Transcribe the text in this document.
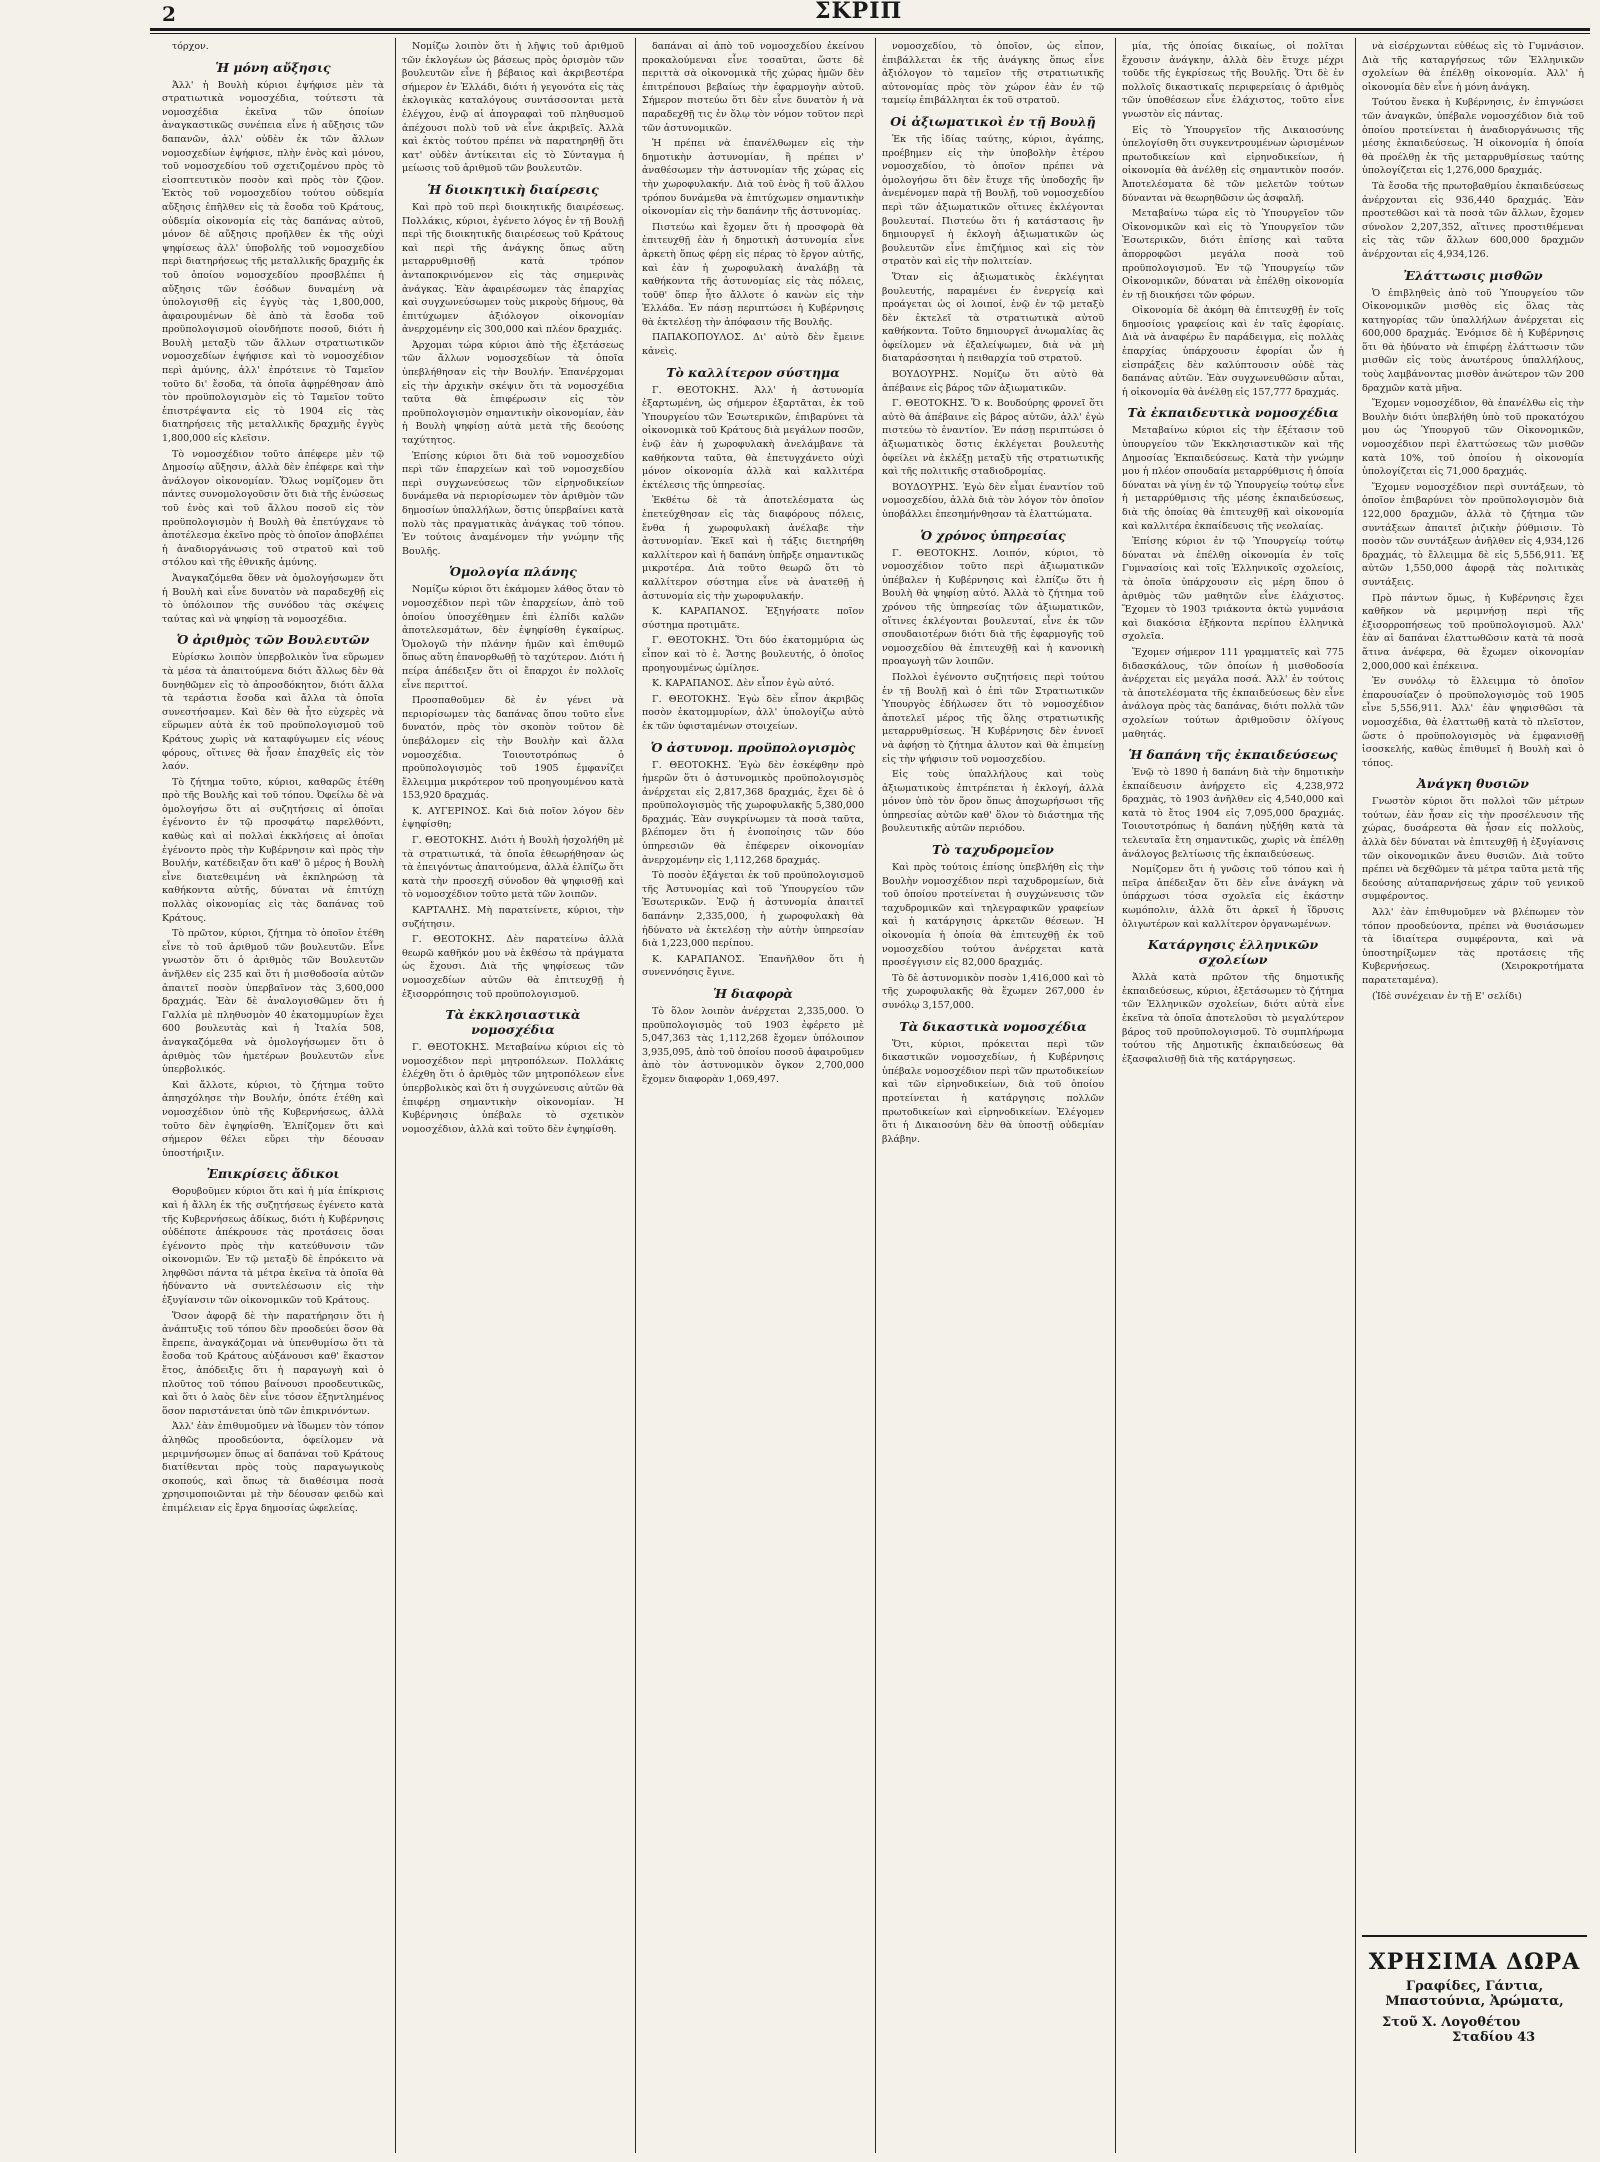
2	ΣΚΡΙΠ

τόρχον.

Ἡ μόνη αὔξησις

Ἀλλ' ἡ Βουλὴ κύριοι ἐψήφισε μὲν τὰ στρατιωτικὰ νομοσχέδια, τούτεστι τὰ νομοσχέδια ἐκεῖνα τῶν ὁποίων ἀναγκαστικῶς συνέπεια εἶνε ἡ αὔξησις τῶν δαπανῶν, ἀλλ' οὐδὲν ἐκ τῶν ἄλλων νομοσχεδίων ἐψήφισε, πλὴν ἑνὸς καὶ μόνου, τοῦ νομοσχεδίου τοῦ σχετιζομένου πρὸς τὸ εἰσοπτευτικὸν ποσὸν καὶ πρὸς τὸν ζῷον. Ἐκτὸς τοῦ νομοσχεδίου τούτου οὐδεμία αὔξησις ἐπῆλθεν εἰς τὰ ἔσοδα τοῦ Κράτους, οὐδεμία οἰκονομία εἰς τὰς δαπάνας αὐτοῦ, μόνον δὲ αὔξησις προῆλθεν ἐκ τῆς οὐχὶ ψηφίσεως ἀλλ' ὑποβολῆς τοῦ νομοσχεδίου περὶ διατηρήσεως τῆς μεταλλικῆς δραχμῆς ἐκ τοῦ ὁποίου νομοσχεδίου προσβλέπει ἡ αὔξησις τῶν ἐσόδων δυναμένη νὰ ὑπολογισθῇ εἰς ἐγγὺς τὰς 1,800,000, ἀφαιρουμένων δὲ ἀπὸ τὰ ἔσοδα τοῦ προϋπολογισμοῦ οἱονδήποτε ποσοῦ, διότι ἡ Βουλὴ μεταξὺ τῶν ἄλλων στρατιωτικῶν νομοσχεδίων ἐψήφισε καὶ τὸ νομοσχέδιον περὶ ἀμύνης, ἀλλ' ἐπρότεινε τὸ Ταμεῖον τοῦτο δι' ἔσοδα, τὰ ὁποῖα ἀφῃρέθησαν ἀπὸ τὸν προϋπολογισμὸν εἰς τὸ Ταμεῖον τοῦτο ἐπιστρέψαντα εἰς τὸ 1904 εἰς τὰς διατηρήσεις τῆς μεταλλικῆς δραχμῆς ἐγγὺς 1,800,000 εἰς κλεῖσιν.

Τὸ νομοσχέδιον τοῦτο ἀπέφερε μὲν τῷ Δημοσίῳ αὔξησιν, ἀλλὰ δὲν ἐπέφερε καὶ τὴν ἀνάλογον οἰκονομίαν. Ὅλως νομίζομεν ὅτι πάντες συνομολογοῦσιν ὅτι διὰ τῆς ἑνώσεως τοῦ ἑνὸς καὶ τοῦ ἄλλου ποσοῦ εἰς τὸν προϋπολογισμὸν ἡ Βουλὴ θὰ ἐπετύγχανε τὸ ἀποτέλεσμα ἐκεῖνο πρὸς τὸ ὁποῖον ἀποβλέπει ἡ ἀναδιοργάνωσις τοῦ στρατοῦ καὶ τοῦ στόλου καὶ τῆς ἐθνικῆς ἀμύνης.

Ἀναγκαζόμεθα ὅθεν νὰ ὁμολογήσωμεν ὅτι ἡ Βουλὴ καὶ εἶνε δυνατὸν νὰ παραδεχθῇ εἰς τὸ ὑπόλοιπον τῆς συνόδου τὰς σκέψεις ταύτας καὶ νὰ ψηφίσῃ τὰ νομοσχέδια.

Ὁ ἀριθμὸς τῶν Βουλευτῶν

Εὑρίσκω λοιπὸν ὑπερβολικὸν ἵνα εὕρωμεν τὰ μέσα τὰ ἀπαιτούμενα διότι ἄλλως δὲν θὰ δυνηθῶμεν εἰς τὸ ἀπροσδόκητον, διότι ἄλλα τὰ τεράστια ἔσοδα καὶ ἄλλα τὰ ὁποῖα συνεστήσαμεν. Καὶ δὲν θὰ ἦτο εὐχερὲς νὰ εὕρωμεν αὐτὰ ἐκ τοῦ προϋπολογισμοῦ τοῦ Κράτους χωρὶς νὰ καταφύγωμεν εἰς νέους φόρους, οἵτινες θὰ ἦσαν ἐπαχθεῖς εἰς τὸν λαόν.

Τὸ ζήτημα τοῦτο, κύριοι, καθαρῶς ἐτέθη πρὸ τῆς Βουλῆς καὶ τοῦ τόπου. Ὀφείλω δὲ νὰ ὁμολογήσω ὅτι αἱ συζητήσεις αἱ ὁποῖαι ἐγένοντο ἐν τῷ προσφάτῳ παρελθόντι, καθὼς καὶ αἱ πολλαὶ ἐκκλήσεις αἱ ὁποῖαι ἐγένοντο πρὸς τὴν Κυβέρνησιν καὶ πρὸς τὴν Βουλήν, κατέδειξαν ὅτι καθ' ὃ μέρος ἡ Βουλὴ εἶνε διατεθειμένη νὰ ἐκπληρώσῃ τὰ καθήκοντα αὐτῆς, δύναται νὰ ἐπιτύχῃ πολλὰς οἰκονομίας εἰς τὰς δαπάνας τοῦ Κράτους.

Τὸ πρῶτον, κύριοι, ζήτημα τὸ ὁποῖον ἐτέθη εἶνε τὸ τοῦ ἀριθμοῦ τῶν βουλευτῶν. Εἶνε γνωστὸν ὅτι ὁ ἀριθμὸς τῶν Βουλευτῶν ἀνῆλθεν εἰς 235 καὶ ὅτι ἡ μισθοδοσία αὐτῶν ἀπαιτεῖ ποσὸν ὑπερβαῖνον τὰς 3,600,000 δραχμάς. Ἐὰν δὲ ἀναλογισθῶμεν ὅτι ἡ Γαλλία μὲ πληθυσμὸν 40 ἑκατομμυρίων ἔχει 600 βουλευτὰς καὶ ἡ Ἰταλία 508, ἀναγκαζόμεθα νὰ ὁμολογήσωμεν ὅτι ὁ ἀριθμὸς τῶν ἡμετέρων βουλευτῶν εἶνε ὑπερβολικός.

Καὶ ἄλλοτε, κύριοι, τὸ ζήτημα τοῦτο ἀπησχόλησε τὴν Βουλήν, ὁπότε ἐτέθη καὶ νομοσχέδιον ὑπὸ τῆς Κυβερνήσεως, ἀλλὰ τοῦτο δὲν ἐψηφίσθη. Ἐλπίζομεν ὅτι καὶ σήμερον θέλει εὕρει τὴν δέουσαν ὑποστήριξιν.

Ἐπικρίσεις ἄδικοι

Θορυβοῦμεν κύριοι ὅτι καὶ ἡ μία ἐπίκρισις καὶ ἡ ἄλλη ἐκ τῆς συζητήσεως ἐγένετο κατὰ τῆς Κυβερνήσεως ἀδίκως, διότι ἡ Κυβέρνησις οὐδέποτε ἀπέκρουσε τὰς προτάσεις ὅσαι ἐγένοντο πρὸς τὴν κατεύθυνσιν τῶν οἰκονομιῶν. Ἐν τῷ μεταξὺ δὲ ἐπρόκειτο νὰ ληφθῶσι πάντα τὰ μέτρα ἐκεῖνα τὰ ὁποῖα θὰ ἠδύναντο νὰ συντελέσωσιν εἰς τὴν ἐξυγίανσιν τῶν οἰκονομικῶν τοῦ Κράτους.

Ὅσον ἀφορᾷ δὲ τὴν παρατήρησιν ὅτι ἡ ἀνάπτυξις τοῦ τόπου δὲν προοδεύει ὅσον θὰ ἔπρεπε, ἀναγκάζομαι νὰ ὑπενθυμίσω ὅτι τὰ ἔσοδα τοῦ Κράτους αὐξάνουσι καθ' ἕκαστον ἔτος, ἀπόδειξις ὅτι ἡ παραγωγὴ καὶ ὁ πλοῦτος τοῦ τόπου βαίνουσι προοδευτικῶς, καὶ ὅτι ὁ λαὸς δὲν εἶνε τόσον ἐξηντλημένος ὅσον παριστάνεται ὑπὸ τῶν ἐπικρινόντων.

Ἀλλ' ἐὰν ἐπιθυμοῦμεν νὰ ἴδωμεν τὸν τόπον ἀληθῶς προοδεύοντα, ὀφείλομεν νὰ μεριμνήσωμεν ὅπως αἱ δαπάναι τοῦ Κράτους διατίθενται πρὸς τοὺς παραγωγικοὺς σκοπούς, καὶ ὅπως τὰ διαθέσιμα ποσὰ χρησιμοποιῶνται μὲ τὴν δέουσαν φειδὼ καὶ ἐπιμέλειαν εἰς ἔργα δημοσίας ὠφελείας.

Νομίζω λοιπὸν ὅτι ἡ λῆψις τοῦ ἀριθμοῦ τῶν ἐκλογέων ὡς βάσεως πρὸς ὁρισμὸν τῶν βουλευτῶν εἶνε ἡ βέβαιος καὶ ἀκριβεστέρα σήμερον ἐν Ἑλλάδι, διότι ἡ γεγονότα εἰς τὰς ἐκλογικὰς καταλόγους συντάσσονται μετὰ ἐλέγχου, ἐνῷ αἱ ἀπογραφαὶ τοῦ πληθυσμοῦ ἀπέχουσι πολὺ τοῦ νὰ εἶνε ἀκριβεῖς. Ἀλλὰ καὶ ἐκτὸς τούτου πρέπει νὰ παρατηρηθῇ ὅτι κατ' οὐδὲν ἀντίκειται εἰς τὸ Σύνταγμα ἡ μείωσις τοῦ ἀριθμοῦ τῶν βουλευτῶν.

Ἡ διοικητικὴ διαίρεσις

Καὶ πρὸ τοῦ περὶ διοικητικῆς διαιρέσεως. Πολλάκις, κύριοι, ἐγένετο λόγος ἐν τῇ Βουλῇ περὶ τῆς διοικητικῆς διαιρέσεως τοῦ Κράτους καὶ περὶ τῆς ἀνάγκης ὅπως αὕτη μεταρρυθμισθῇ κατὰ τρόπον ἀνταποκρινόμενον εἰς τὰς σημερινὰς ἀνάγκας. Ἐὰν ἀφαιρέσωμεν τὰς ἐπαρχίας καὶ συγχωνεύσωμεν τοὺς μικροὺς δήμους, θὰ ἐπιτύχωμεν ἀξιόλογον οἰκονομίαν ἀνερχομένην εἰς 300,000 καὶ πλέον δραχμάς.

Ἀρχομαι τώρα κύριοι ἀπὸ τῆς ἐξετάσεως τῶν ἄλλων νομοσχεδίων τὰ ὁποῖα ὑπεβλήθησαν εἰς τὴν Βουλήν. Ἐπανέρχομαι εἰς τὴν ἀρχικὴν σκέψιν ὅτι τὰ νομοσχέδια ταῦτα θὰ ἐπιφέρωσιν εἰς τὸν προϋπολογισμὸν σημαντικὴν οἰκονομίαν, ἐὰν ἡ Βουλὴ ψηφίσῃ αὐτὰ μετὰ τῆς δεούσης ταχύτητος.

Ἐπίσης κύριοι ὅτι διὰ τοῦ νομοσχεδίου περὶ τῶν ἐπαρχείων καὶ τοῦ νομοσχεδίου περὶ συγχωνεύσεως τῶν εἰρηνοδικείων δυνάμεθα νὰ περιορίσωμεν τὸν ἀριθμὸν τῶν δημοσίων ὑπαλλήλων, ὅστις ὑπερβαίνει κατὰ πολὺ τὰς πραγματικὰς ἀνάγκας τοῦ τόπου. Ἐν τούτοις ἀναμένομεν τὴν γνώμην τῆς Βουλῆς.

Ὁμολογία πλάνης

Νομίζω κύριοι ὅτι ἐκάμομεν λάθος ὅταν τὸ νομοσχέδιον περὶ τῶν ἐπαρχείων, ἀπὸ τοῦ ὁποίου ὑποσχέθημεν ἐπὶ ἐλπίδι καλῶν ἀποτελεσμάτων, δὲν ἐψηφίσθη ἐγκαίρως. Ὁμολογῶ τὴν πλάνην ἡμῶν καὶ ἐπιθυμῶ ὅπως αὕτη ἐπανορθωθῇ τὸ ταχύτερον. Διότι ἡ πείρα ἀπέδειξεν ὅτι οἱ ἔπαρχοι ἐν πολλοῖς εἶνε περιττοί.

Προσπαθοῦμεν δὲ ἐν γένει νὰ περιορίσωμεν τὰς δαπάνας ὅπου τοῦτο εἶνε δυνατόν, πρὸς τὸν σκοπὸν τοῦτον δὲ ὑπεβάλομεν εἰς τὴν Βουλὴν καὶ ἄλλα νομοσχέδια. Τοιουτοτρόπως ὁ προϋπολογισμὸς τοῦ 1905 ἐμφανίζει ἔλλειμμα μικρότερον τοῦ προηγουμένου κατὰ 153,920 δραχμάς.

Κ. ΑΥΓΕΡΙΝΟΣ. Καὶ διὰ ποῖον λόγον δὲν ἐψηφίσθη;

Γ. ΘΕΟΤΟΚΗΣ. Διότι ἡ Βουλὴ ἠσχολήθη μὲ τὰ στρατιωτικά, τὰ ὁποῖα ἐθεωρήθησαν ὡς τὰ ἐπειγόντως ἀπαιτούμενα, ἀλλὰ ἐλπίζω ὅτι κατὰ τὴν προσεχῆ σύνοδον θὰ ψηφισθῇ καὶ τὸ νομοσχέδιον τοῦτο μετὰ τῶν λοιπῶν.

ΚΑΡΤΑΛΗΣ. Μὴ παρατείνετε, κύριοι, τὴν συζήτησιν.

Γ. ΘΕΟΤΟΚΗΣ. Δὲν παρατείνω ἀλλὰ θεωρῶ καθῆκόν μου νὰ ἐκθέσω τὰ πράγματα ὡς ἔχουσι. Διὰ τῆς ψηφίσεως τῶν νομοσχεδίων αὐτῶν θὰ ἐπιτευχθῇ ἡ ἐξισορρόπησις τοῦ προϋπολογισμοῦ.

Τὰ ἐκκλησιαστικὰ νομοσχέδια

Γ. ΘΕΟΤΟΚΗΣ. Μεταβαίνω κύριοι εἰς τὸ νομοσχέδιον περὶ μητροπόλεων. Πολλάκις ἐλέχθη ὅτι ὁ ἀριθμὸς τῶν μητροπόλεων εἶνε ὑπερβολικὸς καὶ ὅτι ἡ συγχώνευσις αὐτῶν θὰ ἐπιφέρῃ σημαντικὴν οἰκονομίαν. Ἡ Κυβέρνησις ὑπέβαλε τὸ σχετικὸν νομοσχέδιον, ἀλλὰ καὶ τοῦτο δὲν ἐψηφίσθη.

δαπάναι αἱ ἀπὸ τοῦ νομοσχεδίου ἐκείνου προκαλούμεναι εἶνε τοσαῦται, ὥστε δὲ περιττὰ σὰ οἰκονομικὰ τῆς χώρας ἡμῶν δὲν ἐπιτρέπουσι βεβαίως τὴν ἐφαρμογὴν αὐτοῦ. Σήμερον πιστεύω ὅτι δὲν εἶνε δυνατὸν ἡ νὰ παραδεχθῇ τις ἐν ὅλῳ τὸν νόμον τοῦτον περὶ τῶν ἀστυνομικῶν.

Ἡ πρέπει νὰ ἐπανέλθωμεν εἰς τὴν δημοτικὴν ἀστυνομίαν, ἢ πρέπει ν' ἀναθέσωμεν τὴν ἀστυνομίαν τῆς χώρας εἰς τὴν χωροφυλακήν. Διὰ τοῦ ἑνὸς ἢ τοῦ ἄλλου τρόπου δυνάμεθα νὰ ἐπιτύχωμεν σημαντικὴν οἰκονομίαν εἰς τὴν δαπάνην τῆς ἀστυνομίας.

Πιστεύω καὶ ἔχομεν ὅτι ἡ προσφορὰ θὰ ἐπιτευχθῇ ἐὰν ἡ δημοτικὴ ἀστυνομία εἶνε ἀρκετὴ ὅπως φέρῃ εἰς πέρας τὸ ἔργον αὐτῆς, καὶ ἐὰν ἡ χωροφυλακὴ ἀναλάβῃ τὰ καθήκοντα τῆς ἀστυνομίας εἰς τὰς πόλεις, τοῦθ' ὅπερ ἦτο ἄλλοτε ὁ κανὼν εἰς τὴν Ἑλλάδα. Ἐν πάσῃ περιπτώσει ἡ Κυβέρνησις θὰ ἐκτελέσῃ τὴν ἀπόφασιν τῆς Βουλῆς.

ΠΑΠΑΚΟΠΟΥΛΟΣ. Δι' αὐτὸ δὲν ἔμεινε κἀνεὶς.

Τὸ καλλίτερον σύστημα

Γ. ΘΕΟΤΟΚΗΣ. Ἀλλ' ἡ ἀστυνομία ἐξαρτωμένη, ὡς σήμερον ἐξαρτᾶται, ἐκ τοῦ Ὑπουργείου τῶν Ἐσωτερικῶν, ἐπιβαρύνει τὰ οἰκονομικὰ τοῦ Κράτους διὰ μεγάλων ποσῶν, ἐνῷ ἐὰν ἡ χωροφυλακὴ ἀνελάμβανε τὰ καθήκοντα ταῦτα, θὰ ἐπετυγχάνετο οὐχὶ μόνον οἰκονομία ἀλλὰ καὶ καλλιτέρα ἐκτέλεσις τῆς ὑπηρεσίας.

Ἐκθέτω δὲ τὰ ἀποτελέσματα ὡς ἐπετεύχθησαν εἰς τὰς διαφόρους πόλεις, ἔνθα ἡ χωροφυλακὴ ἀνέλαβε τὴν ἀστυνομίαν. Ἐκεῖ καὶ ἡ τάξις διετηρήθη καλλίτερον καὶ ἡ δαπάνη ὑπῆρξε σημαντικῶς μικροτέρα. Διὰ τοῦτο θεωρῶ ὅτι τὸ καλλίτερον σύστημα εἶνε νὰ ἀνατεθῇ ἡ ἀστυνομία εἰς τὴν χωροφυλακήν.

Κ. ΚΑΡΑΠΑΝΟΣ. Ἐξηγήσατε ποῖον σύστημα προτιμᾶτε.

Γ. ΘΕΟΤΟΚΗΣ. Ὅτι δύο ἑκατομμύρια ὡς εἶπον καὶ τὸ ἐ. Ἄστης βουλευτής, ὁ ὁποῖος προηγουμένως ὡμίλησε.

Κ. ΚΑΡΑΠΑΝΟΣ. Δὲν εἶπον ἐγὼ αὐτό.

Γ. ΘΕΟΤΟΚΗΣ. Ἐγὼ δὲν εἶπον ἀκριβῶς ποσὸν ἑκατομμυρίων, ἀλλ' ὑπολογίζω αὐτὸ ἐκ τῶν ὑφισταμένων στοιχείων.

Ὁ ἀστυνομ. προϋπολογισμὸς

Γ. ΘΕΟΤΟΚΗΣ. Ἐγὼ δὲν ἐσκέφθην πρὸ ἡμερῶν ὅτι ὁ ἀστυνομικὸς προϋπολογισμὸς ἀνέρχεται εἰς 2,817,368 δραχμάς, ἔχει δὲ ὁ προϋπολογισμὸς τῆς χωροφυλακῆς 5,380,000 δραχμάς. Ἐὰν συγκρίνωμεν τὰ ποσὰ ταῦτα, βλέπομεν ὅτι ἡ ἑνοποίησις τῶν δύο ὑπηρεσιῶν θὰ ἐπέφερεν οἰκονομίαν ἀνερχομένην εἰς 1,112,268 δραχμάς.

Τὸ ποσὸν ἐξάγεται ἐκ τοῦ προϋπολογισμοῦ τῆς Ἀστυνομίας καὶ τοῦ Ὑπουργείου τῶν Ἐσωτερικῶν. Ἐνῷ ἡ ἀστυνομία ἀπαιτεῖ δαπάνην 2,335,000, ἡ χωροφυλακὴ θὰ ἠδύνατο νὰ ἐκτελέσῃ τὴν αὐτὴν ὑπηρεσίαν διὰ 1,223,000 περίπου.

Κ. ΚΑΡΑΠΑΝΟΣ. Ἐπανῆλθον ὅτι ἡ συνεννόησις ἔγινε.

Ἡ διαφορὰ

Τὸ ὅλον λοιπὸν ἀνέρχεται 2,335,000. Ὁ προϋπολογισμὸς τοῦ 1903 ἐφέρετο μὲ 5,047,363 τὰς 1,112,268 ἔχομεν ὑπόλοιπον 3,935,095, ἀπὸ τοῦ ὁποίου ποσοῦ ἀφαιροῦμεν ἀπὸ τὸν ἀστυνομικὸν ὄγκον 2,700,000 ἔχομεν διαφορὰν 1,069,497.

νομοσχεδίου, τὸ ὁποῖον, ὡς εἶπον, ἐπιβάλλεται ἐκ τῆς ἀνάγκης ὅπως εἶνε ἀξιόλογον τὸ ταμεῖον τῆς στρατιωτικῆς αὐτονομίας πρὸς τὸν χώρον ἐὰν ἐν τῷ ταμείῳ ἐπιβάλληται ἐκ τοῦ στρατοῦ.

Οἱ ἀξιωματικοὶ ἐν τῇ Βουλῇ

Ἐκ τῆς ἰδίας ταύτης, κύριοι, ἀγάπης, προέβημεν εἰς τὴν ὑποβολὴν ἑτέρου νομοσχεδίου, τὸ ὁποῖον πρέπει νὰ ὁμολογήσω ὅτι δὲν ἔτυχε τῆς ὑποδοχῆς ἣν ἀνεμένομεν παρὰ τῇ Βουλῇ, τοῦ νομοσχεδίου περὶ τῶν ἀξιωματικῶν οἵτινες ἐκλέγονται βουλευταί. Πιστεύω ὅτι ἡ κατάστασις ἣν δημιουργεῖ ἡ ἐκλογὴ ἀξιωματικῶν ὡς βουλευτῶν εἶνε ἐπιζήμιος καὶ εἰς τὸν στρατὸν καὶ εἰς τὴν πολιτείαν.

Ὅταν εἰς ἀξιωματικὸς ἐκλέγηται βουλευτής, παραμένει ἐν ἐνεργείᾳ καὶ προάγεται ὡς οἱ λοιποί, ἐνῷ ἐν τῷ μεταξὺ δὲν ἐκτελεῖ τὰ στρατιωτικὰ αὐτοῦ καθήκοντα. Τοῦτο δημιουργεῖ ἀνωμαλίας ἃς ὀφείλομεν νὰ ἐξαλείψωμεν, διὰ νὰ μὴ διαταράσσηται ἡ πειθαρχία τοῦ στρατοῦ.

ΒΟΥΔΟΥΡΗΣ. Νομίζω ὅτι αὐτὸ θὰ ἀπέβαινε εἰς βάρος τῶν ἀξιωματικῶν.

Γ. ΘΕΟΤΟΚΗΣ. Ὅ κ. Βουδούρης φρονεῖ ὅτι αὐτὸ θὰ ἀπέβαινε εἰς βάρος αὐτῶν, ἀλλ' ἐγὼ πιστεύω τὸ ἐναντίον. Ἐν πάσῃ περιπτώσει ὁ ἀξιωματικὸς ὅστις ἐκλέγεται βουλευτὴς ὀφείλει νὰ ἐκλέξῃ μεταξὺ τῆς στρατιωτικῆς καὶ τῆς πολιτικῆς σταδιοδρομίας.

ΒΟΥΔΟΥΡΗΣ. Ἐγὼ δὲν εἶμαι ἐναντίον τοῦ νομοσχεδίου, ἀλλὰ διὰ τὸν λόγον τὸν ὁποῖον ὑποβάλλει ἐπεσημήνθησαν τὰ ἐλαττώματα.

Ὁ χρόνος ὑπηρεσίας

Γ. ΘΕΟΤΟΚΗΣ. Λοιπόν, κύριοι, τὸ νομοσχέδιον τοῦτο περὶ ἀξιωματικῶν ὑπέβαλεν ἡ Κυβέρνησις καὶ ἐλπίζω ὅτι ἡ Βουλὴ θὰ ψηφίσῃ αὐτό. Ἀλλὰ τὸ ζήτημα τοῦ χρόνου τῆς ὑπηρεσίας τῶν ἀξιωματικῶν, οἵτινες ἐκλέγονται βουλευταί, εἶνε ἐκ τῶν σπουδαιοτέρων διότι διὰ τῆς ἐφαρμογῆς τοῦ νομοσχεδίου θὰ ἐπιτευχθῇ καὶ ἡ κανονικὴ προαγωγὴ τῶν λοιπῶν.

Πολλοὶ ἐγένοντο συζητήσεις περὶ τούτου ἐν τῇ Βουλῇ καὶ ὁ ἐπὶ τῶν Στρατιωτικῶν Ὑπουργὸς ἐδήλωσεν ὅτι τὸ νομοσχέδιον ἀποτελεῖ μέρος τῆς ὅλης στρατιωτικῆς μεταρρυθμίσεως. Ἡ Κυβέρνησις δὲν ἐννοεῖ νὰ ἀφήσῃ τὸ ζήτημα ἀλυτον καὶ θὰ ἐπιμείνῃ εἰς τὴν ψήφισιν τοῦ νομοσχεδίου.

Εἰς τοὺς ὑπαλλήλους καὶ τοὺς ἀξιωματικοὺς ἐπιτρέπεται ἡ ἐκλογή, ἀλλὰ μόνον ὑπὸ τὸν ὅρον ὅπως ἀποχωρήσωσι τῆς ὑπηρεσίας αὐτῶν καθ' ὅλον τὸ διάστημα τῆς βουλευτικῆς αὐτῶν περιόδου.

Τὸ ταχυδρομεῖον

Καὶ πρὸς τούτοις ἐπίσης ὑπεβλήθη εἰς τὴν Βουλὴν νομοσχέδιον περὶ ταχυδρομείων, διὰ τοῦ ὁποίου προτείνεται ἡ συγχώνευσις τῶν ταχυδρομικῶν καὶ τηλεγραφικῶν γραφείων καὶ ἡ κατάργησις ἀρκετῶν θέσεων. Ἡ οἰκονομία ἡ ὁποία θὰ ἐπιτευχθῇ ἐκ τοῦ νομοσχεδίου τούτου ἀνέρχεται κατὰ προσέγγισιν εἰς 82,000 δραχμάς.

Τὸ δὲ ἀστυνομικὸν ποσὸν 1,416,000 καὶ τὸ τῆς χωροφυλακῆς θὰ ἔχωμεν 267,000 ἐν συνόλῳ 3,157,000.

Τὰ δικαστικὰ νομοσχέδια

Ὅτι, κύριοι, πρόκειται περὶ τῶν δικαστικῶν νομοσχεδίων, ἡ Κυβέρνησις ὑπέβαλε νομοσχέδιον περὶ τῶν πρωτοδικείων καὶ τῶν εἰρηνοδικείων, διὰ τοῦ ὁποίου προτείνεται ἡ κατάργησις πολλῶν πρωτοδικείων καὶ εἰρηνοδικείων. Ἐλέγομεν ὅτι ἡ Δικαιοσύνη δὲν θὰ ὑποστῇ οὐδεμίαν βλάβην.

μία, τῆς ὁποίας δικαίως, οἱ πολῖται ἔχουσιν ἀνάγκην, ἀλλὰ δὲν ἔτυχε μέχρι τοῦδε τῆς ἐγκρίσεως τῆς Βουλῆς. Ὅτι δὲ ἐν πολλοῖς δικαστικαῖς περιφερείαις ὁ ἀριθμὸς τῶν ὑποθέσεων εἶνε ἐλάχιστος, τοῦτο εἶνε γνωστὸν εἰς πάντας.

Εἰς τὸ Ὑπουργεῖον τῆς Δικαιοσύνης ὑπελογίσθη ὅτι συγκεντρουμένων ὡρισμένων πρωτοδικείων καὶ εἰρηνοδικείων, ἡ οἰκονομία θὰ ἀνέλθῃ εἰς σημαντικὸν ποσόν. Ἀποτελέσματα δὲ τῶν μελετῶν τούτων δύνανται νὰ θεωρηθῶσιν ὡς ἀσφαλῆ.

Μεταβαίνω τώρα εἰς τὸ Ὑπουργεῖον τῶν Οἰκονομικῶν καὶ εἰς τὸ Ὑπουργεῖον τῶν Ἐσωτερικῶν, διότι ἐπίσης καὶ ταῦτα ἀπορροφῶσι μεγάλα ποσὰ τοῦ προϋπολογισμοῦ. Ἐν τῷ Ὑπουργείῳ τῶν Οἰκονομικῶν, δύναται νὰ ἐπέλθῃ οἰκονομία ἐν τῇ διοικήσει τῶν φόρων.

Οἰκονομία δὲ ἀκόμη θὰ ἐπιτευχθῇ ἐν τοῖς δημοσίοις γραφείοις καὶ ἐν ταῖς ἐφορίαις. Διὰ νὰ ἀναφέρω ἓν παράδειγμα, εἰς πολλὰς ἐπαρχίας ὑπάρχουσιν ἐφορίαι ὧν ἡ εἰσπράξεις δὲν καλύπτουσιν οὐδὲ τὰς δαπάνας αὐτῶν. Ἐὰν συγχωνευθῶσιν αὗται, ἡ οἰκονομία θὰ ἀνέλθῃ εἰς 157,777 δραχμάς.

Τὰ ἐκπαιδευτικὰ νομοσχέδια

Μεταβαίνω κύριοι εἰς τὴν ἐξέτασιν τοῦ ὑπουργείου τῶν Ἐκκλησιαστικῶν καὶ τῆς Δημοσίας Ἐκπαιδεύσεως. Κατὰ τὴν γνώμην μου ἡ πλέον σπουδαία μεταρρύθμισις ἡ ὁποία δύναται νὰ γίνῃ ἐν τῷ Ὑπουργείῳ τούτῳ εἶνε ἡ μεταρρύθμισις τῆς μέσης ἐκπαιδεύσεως, διὰ τῆς ὁποίας θὰ ἐπιτευχθῇ καὶ οἰκονομία καὶ καλλιτέρα ἐκπαίδευσις τῆς νεολαίας.

Ἐπίσης κύριοι ἐν τῷ Ὑπουργείῳ τούτῳ δύναται νὰ ἐπέλθῃ οἰκονομία ἐν τοῖς Γυμνασίοις καὶ τοῖς Ἑλληνικοῖς σχολείοις, τὰ ὁποῖα ὑπάρχουσιν εἰς μέρη ὅπου ὁ ἀριθμὸς τῶν μαθητῶν εἶνε ἐλάχιστος. Ἔχομεν τὸ 1903 τριάκοντα ὀκτὼ γυμνάσια καὶ διακόσια ἑξήκοντα περίπου ἑλληνικὰ σχολεῖα.

Ἔχομεν σήμερον 111 γραμματεῖς καὶ 775 διδασκάλους, τῶν ὁποίων ἡ μισθοδοσία ἀνέρχεται εἰς μεγάλα ποσά. Ἀλλ' ἐν τούτοις τὰ ἀποτελέσματα τῆς ἐκπαιδεύσεως δὲν εἶνε ἀνάλογα πρὸς τὰς δαπάνας, διότι πολλὰ τῶν σχολείων τούτων ἀριθμοῦσιν ὀλίγους μαθητάς.

Ἡ δαπάνη τῆς ἐκπαιδεύσεως

Ἐνῷ τὸ 1890 ἡ δαπάνη διὰ τὴν δημοτικὴν ἐκπαίδευσιν ἀνήρχετο εἰς 4,238,972 δραχμὰς, τὸ 1903 ἀνῆλθεν εἰς 4,540,000 καὶ κατὰ τὸ ἔτος 1904 εἰς 7,095,000 δραχμάς. Τοιουτοτρόπως ἡ δαπάνη ηὐξήθη κατὰ τὰ τελευταῖα ἔτη σημαντικῶς, χωρὶς νὰ ἐπέλθῃ ἀνάλογος βελτίωσις τῆς ἐκπαιδεύσεως.

Νομίζομεν ὅτι ἡ γνῶσις τοῦ τόπου καὶ ἡ πεῖρα ἀπέδειξαν ὅτι δὲν εἶνε ἀνάγκη νὰ ὑπάρχωσι τόσα σχολεῖα εἰς ἑκάστην κωμόπολιν, ἀλλὰ ὅτι ἀρκεῖ ἡ ἵδρυσις ὀλιγωτέρων καὶ καλλίτερον ὀργανωμένων.

Κατάργησις ἑλληνικῶν σχολείων

Ἀλλὰ κατὰ πρῶτον τῆς δημοτικῆς ἐκπαιδεύσεως, κύριοι, ἐξετάσωμεν τὸ ζήτημα τῶν Ἑλληνικῶν σχολείων, διότι αὐτὰ εἶνε ἐκεῖνα τὰ ὁποῖα ἀποτελοῦσι τὸ μεγαλύτερον βάρος τοῦ προϋπολογισμοῦ. Τὸ συμπλήρωμα τούτου τῆς Δημοτικῆς ἐκπαιδεύσεως θὰ ἐξασφαλισθῇ διὰ τῆς κατάργησεως.

νὰ εἰσέρχωνται εὐθέως εἰς τὸ Γυμνάσιον. Διὰ τῆς καταργήσεως τῶν Ἑλληνικῶν σχολείων θὰ ἐπέλθῃ οἰκονομία. Ἀλλ' ἡ οἰκονομία δὲν εἶνε ἡ μόνη ἀνάγκη.

Τούτου ἕνεκα ἡ Κυβέρνησις, ἐν ἐπιγνώσει τῶν ἀναγκῶν, ὑπέβαλε νομοσχέδιον διὰ τοῦ ὁποίου προτείνεται ἡ ἀναδιοργάνωσις τῆς μέσης ἐκπαιδεύσεως. Ἡ οἰκονομία ἡ ὁποία θὰ προέλθῃ ἐκ τῆς μεταρρυθμίσεως ταύτης ὑπολογίζεται εἰς 1,276,000 δραχμάς.

Τὰ ἔσοδα τῆς πρωτοβαθμίου ἐκπαιδεύσεως ἀνέρχονται εἰς 936,440 δραχμάς. Ἐὰν προστεθῶσι καὶ τὰ ποσὰ τῶν ἄλλων, ἔχομεν σύνολον 2,207,352, αἵτινες προστιθέμεναι εἰς τὰς τῶν ἄλλων 600,000 δραχμῶν ἀνέρχονται εἰς 4,934,126.

Ἐλάττωσις μισθῶν

Ὁ ἐπιβληθεὶς ἀπὸ τοῦ Ὑπουργείου τῶν Οἰκονομικῶν μισθὸς εἰς ὅλας τὰς κατηγορίας τῶν ὑπαλλήλων ἀνέρχεται εἰς 600,000 δραχμάς. Ἐνόμισε δὲ ἡ Κυβέρνησις ὅτι θὰ ἠδύνατο νὰ ἐπιφέρῃ ἐλάττωσιν τῶν μισθῶν εἰς τοὺς ἀνωτέρους ὑπαλλήλους, τοὺς λαμβάνοντας μισθὸν ἀνώτερον τῶν 200 δραχμῶν κατὰ μῆνα.

Ἔχομεν νομοσχέδιον, θὰ ἐπανέλθω εἰς τὴν Βουλὴν διότι ὑπεβλήθη ὑπὸ τοῦ προκατόχου μου ὡς Ὑπουργοῦ τῶν Οἰκονομικῶν, νομοσχέδιον περὶ ἐλαττώσεως τῶν μισθῶν κατὰ 10%, τοῦ ὁποίου ἡ οἰκονομία ὑπολογίζεται εἰς 71,000 δραχμάς.

Ἔχομεν νομοσχέδιον περὶ συντάξεων, τὸ ὁποῖον ἐπιβαρύνει τὸν προϋπολογισμὸν διὰ 122,000 δραχμῶν, ἀλλὰ τὸ ζήτημα τῶν συντάξεων ἀπαιτεῖ ῥιζικὴν ῥύθμισιν. Τὸ ποσὸν τῶν συντάξεων ἀνῆλθεν εἰς 4,934,126 δραχμάς, τὸ ἔλλειμμα δὲ εἰς 5,556,911. Ἐξ αὐτῶν 1,550,000 ἀφορᾷ τὰς πολιτικὰς συντάξεις.

Πρὸ πάντων ὅμως, ἡ Κυβέρνησις ἔχει καθῆκον νὰ μεριμνήσῃ περὶ τῆς ἐξισορροπήσεως τοῦ προϋπολογισμοῦ. Ἀλλ' ἐὰν αἱ δαπάναι ἐλαττωθῶσιν κατὰ τὰ ποσὰ ἅτινα ἀνέφερα, θὰ ἔχωμεν οἰκονομίαν 2,000,000 καὶ ἐπέκεινα.

Ἐν συνόλῳ τὸ ἔλλειμμα τὸ ὁποῖον ἐπαρουσίαζεν ὁ προϋπολογισμὸς τοῦ 1905 εἶνε 5,556,911. Ἀλλ' ἐὰν ψηφισθῶσι τὰ νομοσχέδια, θὰ ἐλαττωθῇ κατὰ τὸ πλεῖστον, ὥστε ὁ προϋπολογισμὸς νὰ ἐμφανισθῇ ἰσοσκελής, καθὼς ἐπιθυμεῖ ἡ Βουλὴ καὶ ὁ τόπος.

Ἀνάγκη θυσιῶν

Γνωστὸν κύριοι ὅτι πολλοὶ τῶν μέτρων τούτων, ἐὰν ἦσαν εἰς τὴν προσέλευσιν τῆς χώρας, δυσάρεστα θὰ ἦσαν εἰς πολλοὺς, ἀλλὰ δὲν δύναται νὰ ἐπιτευχθῇ ἡ ἐξυγίανσις τῶν οἰκονομικῶν ἄνευ θυσιῶν. Διὰ τοῦτο πρέπει νὰ δεχθῶμεν τὰ μέτρα ταῦτα μετὰ τῆς δεούσης αὐταπαρνήσεως χάριν τοῦ γενικοῦ συμφέροντος.

Ἀλλ' ἐὰν ἐπιθυμοῦμεν νὰ βλέπωμεν τὸν τόπον προοδεύοντα, πρέπει νὰ θυσιάσωμεν τὰ ἰδιαίτερα συμφέροντα, καὶ νὰ ὑποστηρίξωμεν τὰς προτάσεις τῆς Κυβερνήσεως. (Χειροκροτήματα παρατεταμένα).

(Ἰδὲ συνέχειαν ἐν τῇ Ε' σελίδι)

ΧΡΗΣΙΜΑ ΔΩΡΑ
Γραφίδες, Γάντια, Μπαστούνια, Ἀρώματα,
Στοῦ Χ. Λογοθέτου
Σταδίου 43
